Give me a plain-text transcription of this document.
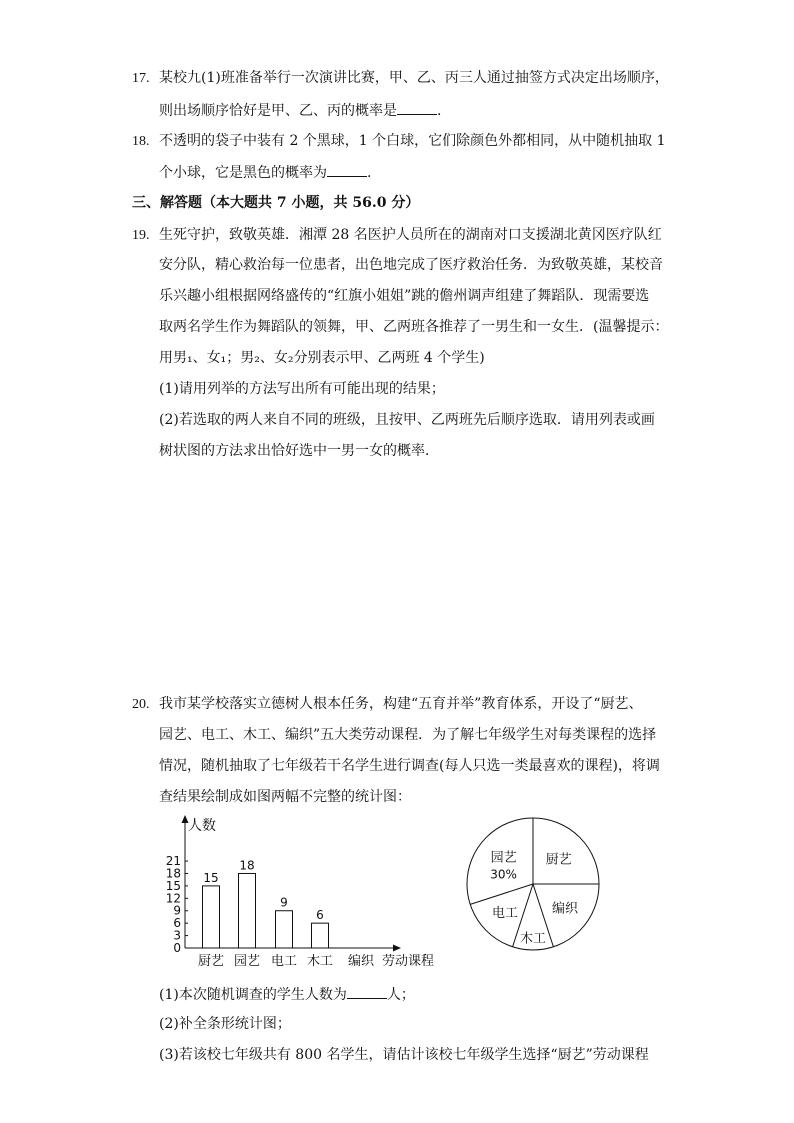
17. 某校九(1)班准备举行一次演讲比赛，甲、乙、丙三人通过抽签方式决定出场顺序，
则出场顺序恰好是甲、乙、丙的概率是	.
18. 不透明的袋子中装有 2 个黑球，1 个白球，它们除颜色外都相同，从中随机抽取 1
个小球，它是黑色的概率为	.
三、解答题（本大题共 7 小题，共 56.0 分）
19. 生死守护，致敬英雄．湘潭 28 名医护人员所在的湖南对口支援湖北黄冈医疗队红
安分队，精心救治每一位患者，出色地完成了医疗救治任务．为致敬英雄，某校音
乐兴趣小组根据网络盛传的“红旗小姐姐”跳的儋州调声组建了舞蹈队．现需要选
取两名学生作为舞蹈队的领舞，甲、乙两班各推荐了一男生和一女生．(温馨提示：
用男₁、女₁；男₂、女₂分别表示甲、乙两班 4 个学生)
(1)请用列举的方法写出所有可能出现的结果；
(2)若选取的两人来自不同的班级，且按甲、乙两班先后顺序选取．请用列表或画
树状图的方法求出恰好选中一男一女的概率．
20. 我市某学校落实立德树人根本任务，构建“五育并举”教育体系，开设了“厨艺、
园艺、电工、木工、编织”五大类劳动课程．为了解七年级学生对每类课程的选择
情况，随机抽取了七年级若干名学生进行调查(每人只选一类最喜欢的课程)，将调
查结果绘制成如图两幅不完整的统计图：
人数
劳动课程
0
3
6
9
12
15
18
21
15
厨艺
18
园艺
9
电工
6
木工 编织
厨艺
编织
木工
电工
园艺
30%
(1)本次随机调查的学生人数为	人；
(2)补全条形统计图；
(3)若该校七年级共有 800 名学生，请估计该校七年级学生选择“厨艺”劳动课程
